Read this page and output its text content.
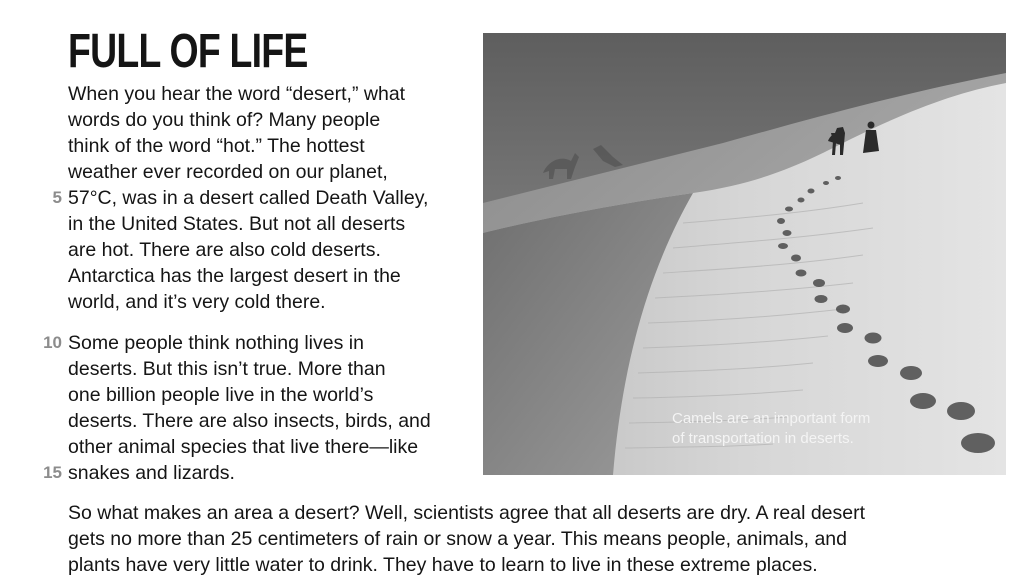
FULL OF LIFE
When you hear the word “desert,” what
words do you think of? Many people
think of the word “hot.” The hottest
weather ever recorded on our planet,
57°C, was in a desert called Death Valley,
in the United States. But not all deserts
are hot. There are also cold deserts.
Antarctica has the largest desert in the
world, and it’s very cold there.
Some people think nothing lives in
deserts. But this isn’t true. More than
one billion people live in the world’s
deserts. There are also insects, birds, and
other animal species that live there—like
snakes and lizards.
So what makes an area a desert? Well, scientists agree that all deserts are dry. A real desert
gets no more than 25 centimeters of rain or snow a year. This means people, animals, and
plants have very little water to drink. They have to learn to live in these extreme places.
5
10
15
Camels are an important form
of transportation in deserts.
